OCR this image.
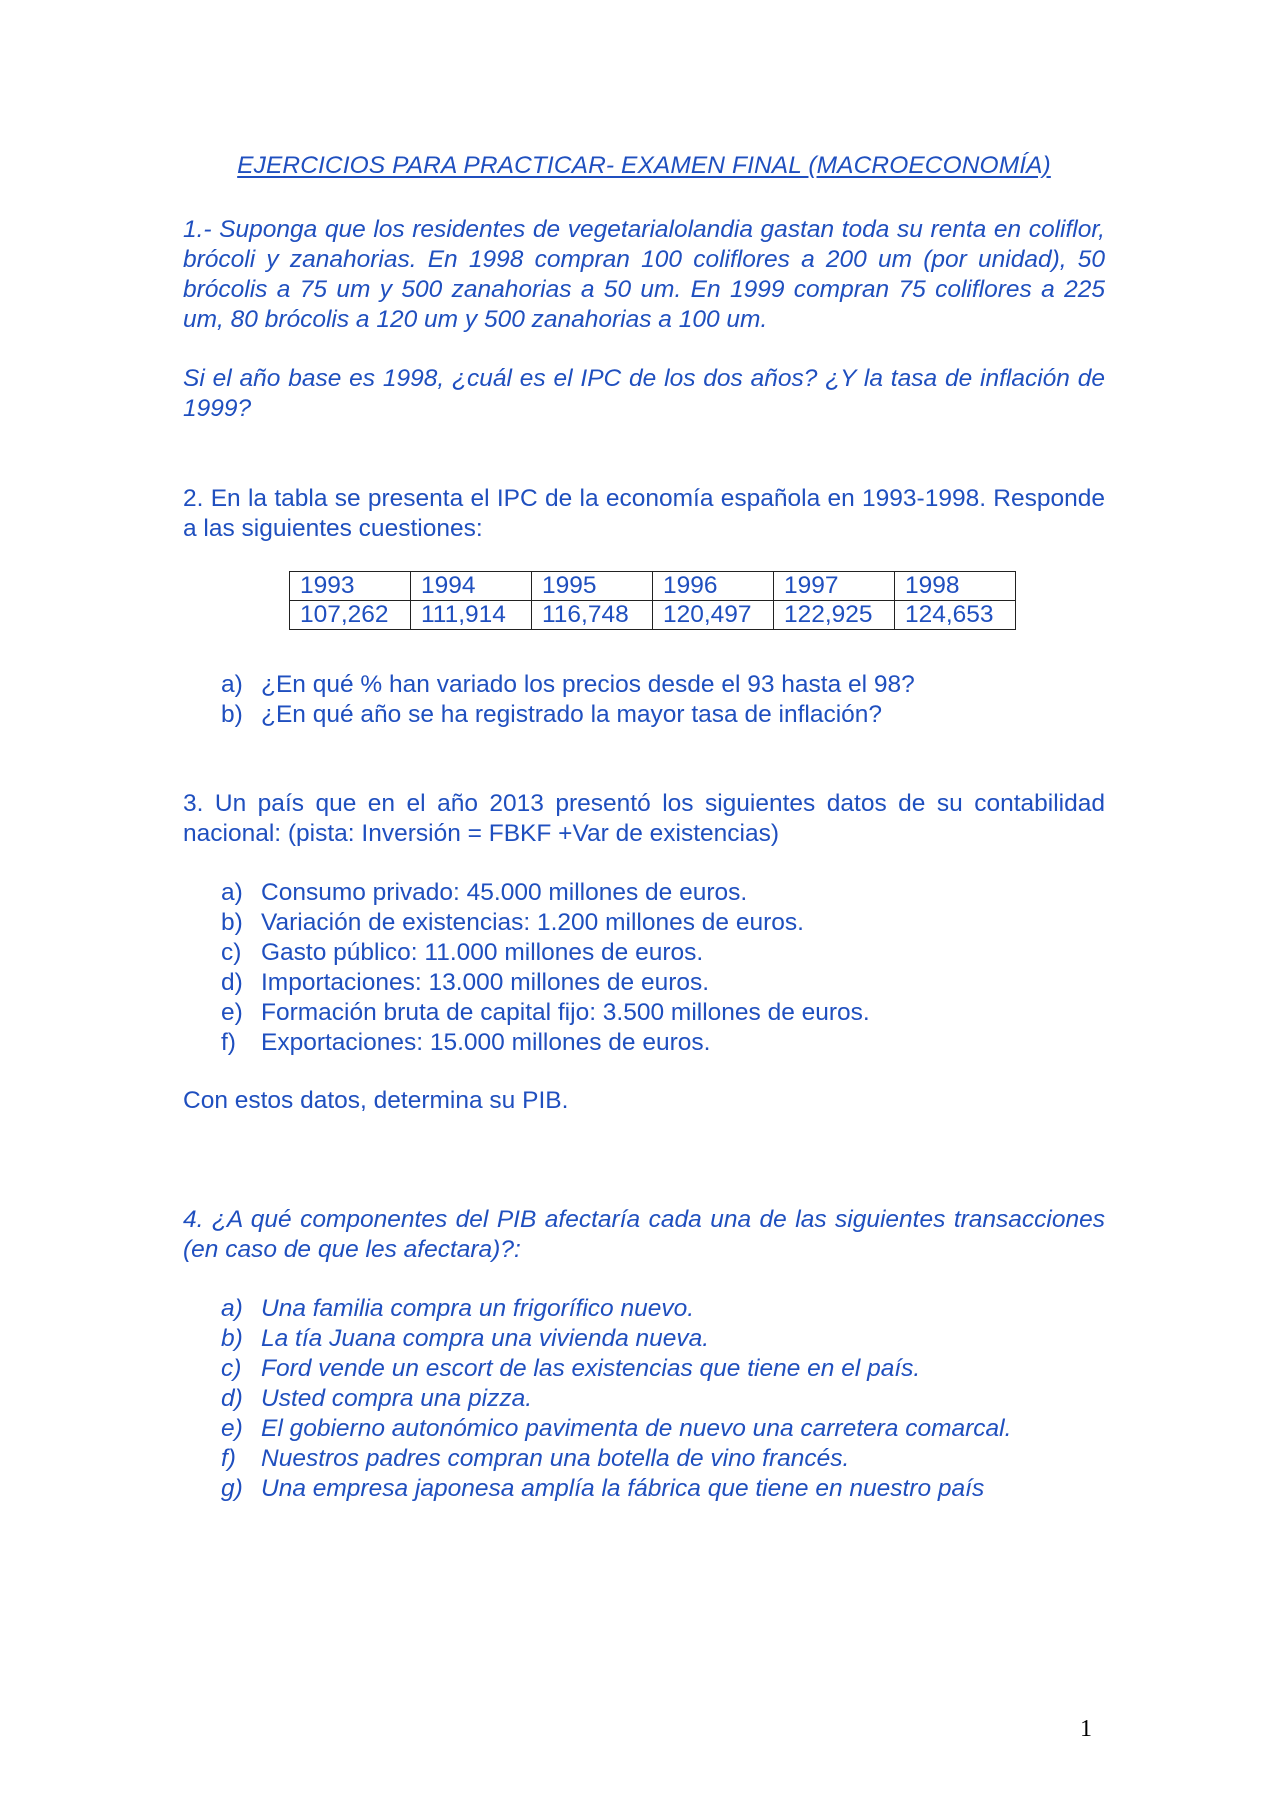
EJERCICIOS PARA PRACTICAR- EXAMEN FINAL (MACROECONOMÍA)

1.- Suponga que los residentes de vegetarialolandia gastan toda su renta en coliflor, brócoli y zanahorias. En 1998 compran 100 coliflores a 200 um (por unidad), 50 brócolis a 75 um y 500 zanahorias a 50 um. En 1999 compran 75 coliflores a 225 um, 80 brócolis a 120 um y 500 zanahorias a 100 um.

Si el año base es 1998, ¿cuál es el IPC de los dos años? ¿Y la tasa de inflación de 1999?

2. En la tabla se presenta el IPC de la economía española en 1993-1998. Responde a las siguientes cuestiones:

1993	1994	1995	1996	1997	1998
107,262	111,914	116,748	120,497	122,925	124,653
a) ¿En qué % han variado los precios desde el 93 hasta el 98?
b) ¿En qué año se ha registrado la mayor tasa de inflación?

3. Un país que en el año 2013 presentó los siguientes datos de su contabilidad nacional: (pista: Inversión = FBKF +Var de existencias)

a) Consumo privado: 45.000 millones de euros.
b) Variación de existencias: 1.200 millones de euros.
c) Gasto público: 11.000 millones de euros.
d) Importaciones: 13.000 millones de euros.
e) Formación bruta de capital fijo: 3.500 millones de euros.
f) Exportaciones: 15.000 millones de euros.

Con estos datos, determina su PIB.

4. ¿A qué componentes del PIB afectaría cada una de las siguientes transacciones (en caso de que les afectara)?:

a) Una familia compra un frigorífico nuevo.
b) La tía Juana compra una vivienda nueva.
c) Ford vende un escort de las existencias que tiene en el país.
d) Usted compra una pizza.
e) El gobierno autonómico pavimenta de nuevo una carretera comarcal.
f) Nuestros padres compran una botella de vino francés.
g) Una empresa japonesa amplía la fábrica que tiene en nuestro país
1
